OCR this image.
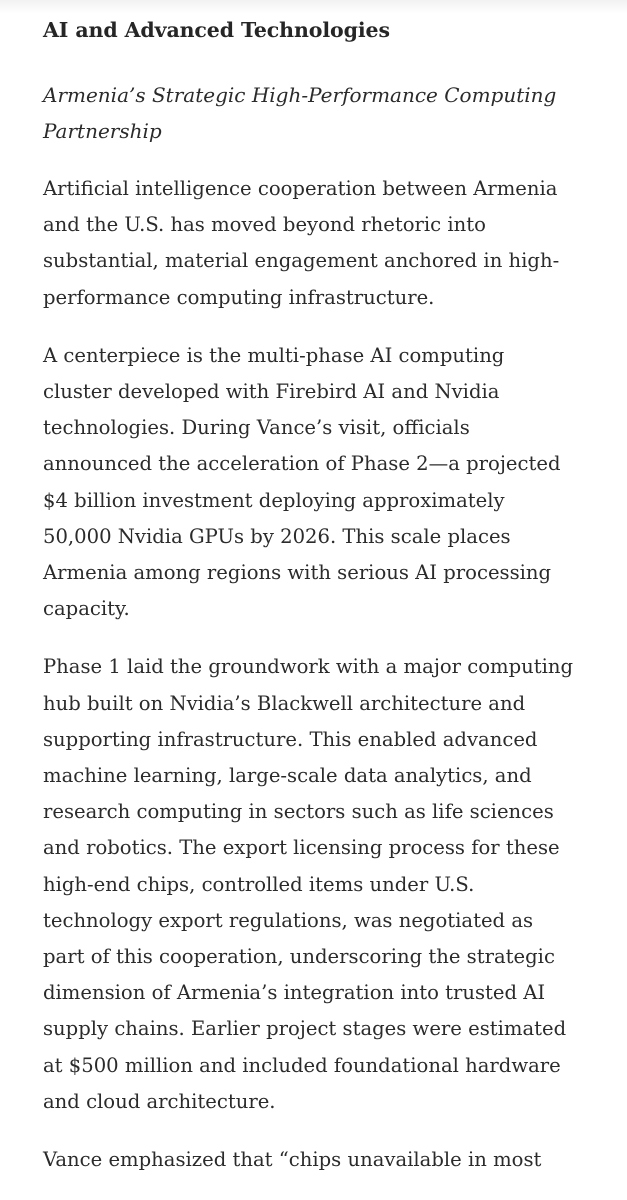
AI and Advanced Technologies
Armenia’s Strategic High-Performance Computing Partnership

Artificial intelligence cooperation between Armenia and the U.S. has moved beyond rhetoric into substantial, material engagement anchored in high-performance computing infrastructure.

A centerpiece is the multi-phase AI computing cluster developed with Firebird AI and Nvidia technologies. During Vance’s visit, officials announced the acceleration of Phase 2—a projected $4 billion investment deploying approximately 50,000 Nvidia GPUs by 2026. This scale places Armenia among regions with serious AI processing capacity.

Phase 1 laid the groundwork with a major computing hub built on Nvidia’s Blackwell architecture and supporting infrastructure. This enabled advanced machine learning, large-scale data analytics, and research computing in sectors such as life sciences and robotics. The export licensing process for these high-end chips, controlled items under U.S. technology export regulations, was negotiated as part of this cooperation, underscoring the strategic dimension of Armenia’s integration into trusted AI supply chains. Earlier project stages were estimated at $500 million and included foundational hardware and cloud architecture.

Vance emphasized that “chips unavailable in most
